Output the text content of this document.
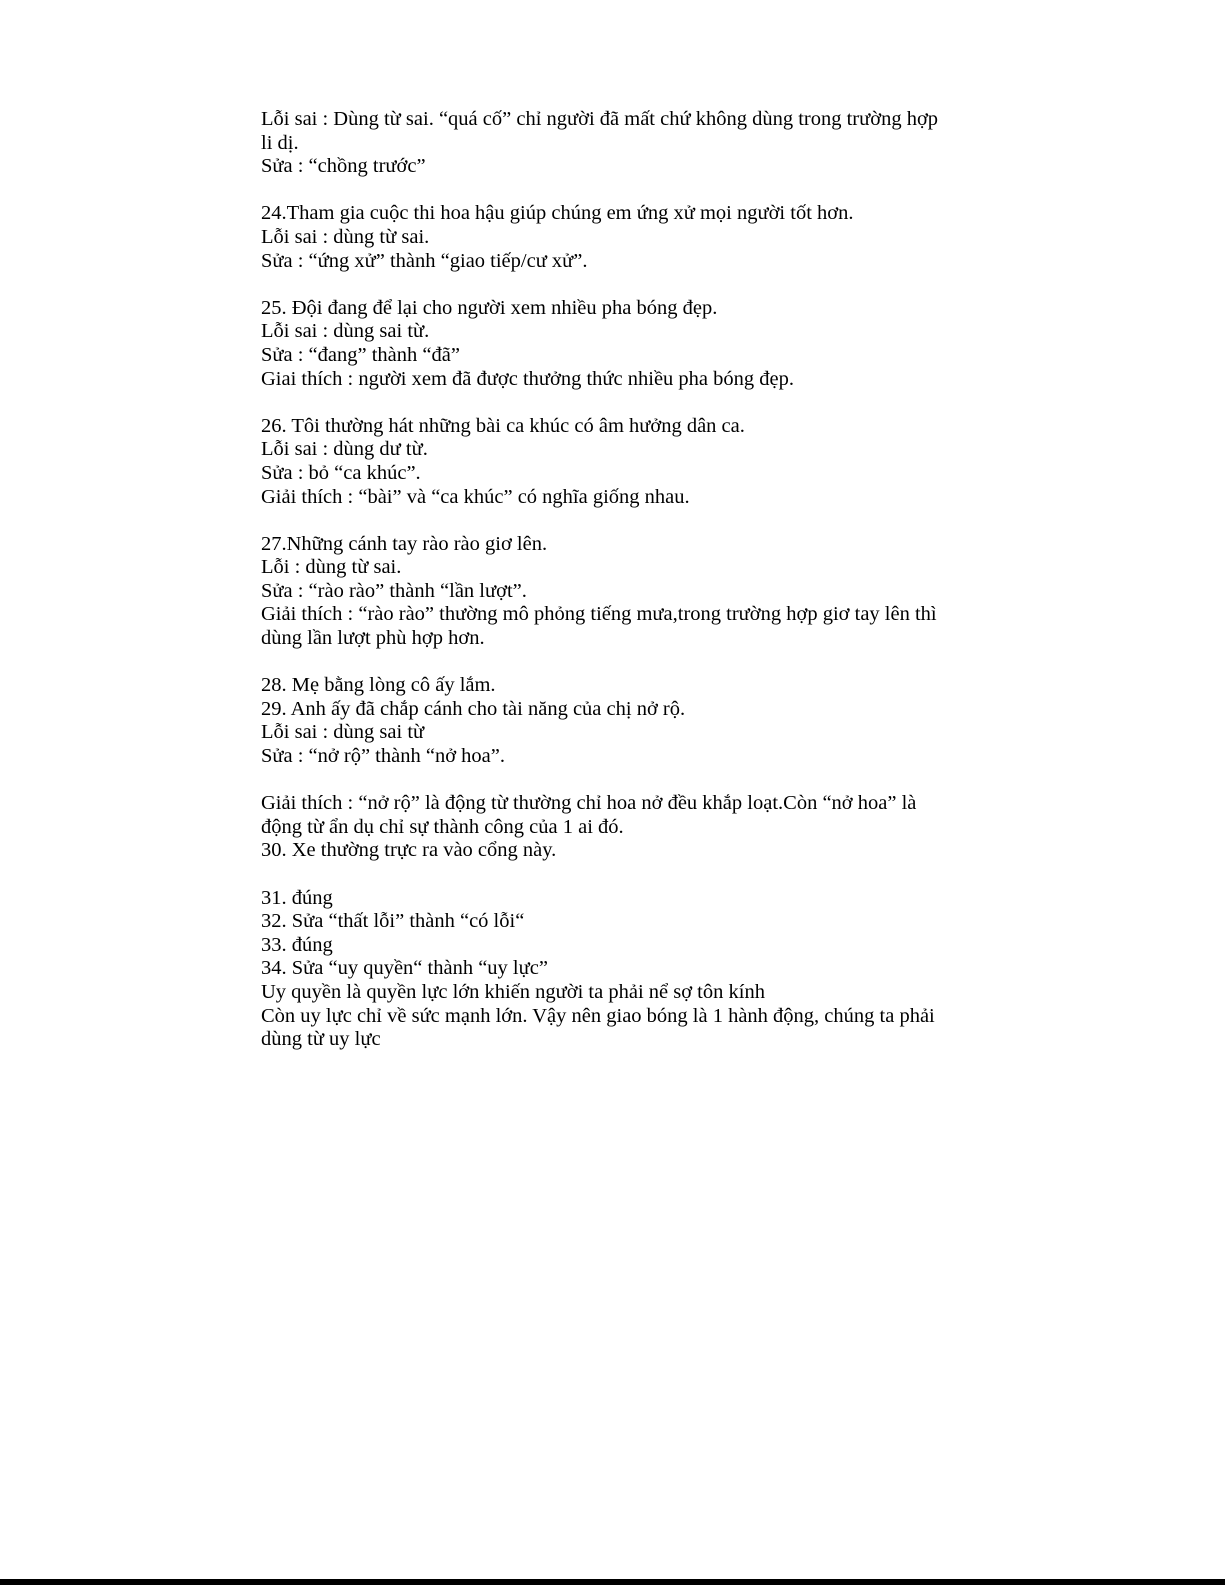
Lỗi sai : Dùng từ sai. “quá cố” chỉ người đã mất chứ không dùng trong trường hợp
li dị.
Sửa : “chồng trước”
24.Tham gia cuộc thi hoa hậu giúp chúng em ứng xử mọi người tốt hơn.
Lỗi sai : dùng từ sai.
Sửa : “ứng xử” thành “giao tiếp/cư xử”.
25. Đội đang để lại cho người xem nhiều pha bóng đẹp.
Lỗi sai : dùng sai từ.
Sửa : “đang” thành “đã”
Giai thích : người xem đã được thưởng thức nhiều pha bóng đẹp.
26. Tôi thường hát những bài ca khúc có âm hưởng dân ca.
Lỗi sai : dùng dư từ.
Sửa : bỏ “ca khúc”.
Giải thích : “bài” và “ca khúc” có nghĩa giống nhau.
27.Những cánh tay rào rào giơ lên.
Lỗi : dùng từ sai.
Sửa : “rào rào” thành “lần lượt”.
Giải thích : “rào rào” thường mô phỏng tiếng mưa,trong trường hợp giơ tay lên thì
dùng lần lượt phù hợp hơn.
28. Mẹ bằng lòng cô ấy lắm.
29. Anh ấy đã chắp cánh cho tài năng của chị nở rộ.
Lỗi sai : dùng sai từ
Sửa : “nở rộ” thành “nở hoa”.
Giải thích : “nở rộ” là động từ thường chỉ hoa nở đều khắp loạt.Còn “nở hoa” là
động từ ẩn dụ chỉ sự thành công của 1 ai đó.
30. Xe thường trực ra vào cổng này.
31. đúng
32. Sửa “thất lỗi” thành “có lỗi“
33. đúng
34. Sửa “uy quyền“ thành “uy lực”
Uy quyền là quyền lực lớn khiến người ta phải nể sợ tôn kính
Còn uy lực chỉ về sức mạnh lớn. Vậy nên giao bóng là 1 hành động, chúng ta phải
dùng từ uy lực
